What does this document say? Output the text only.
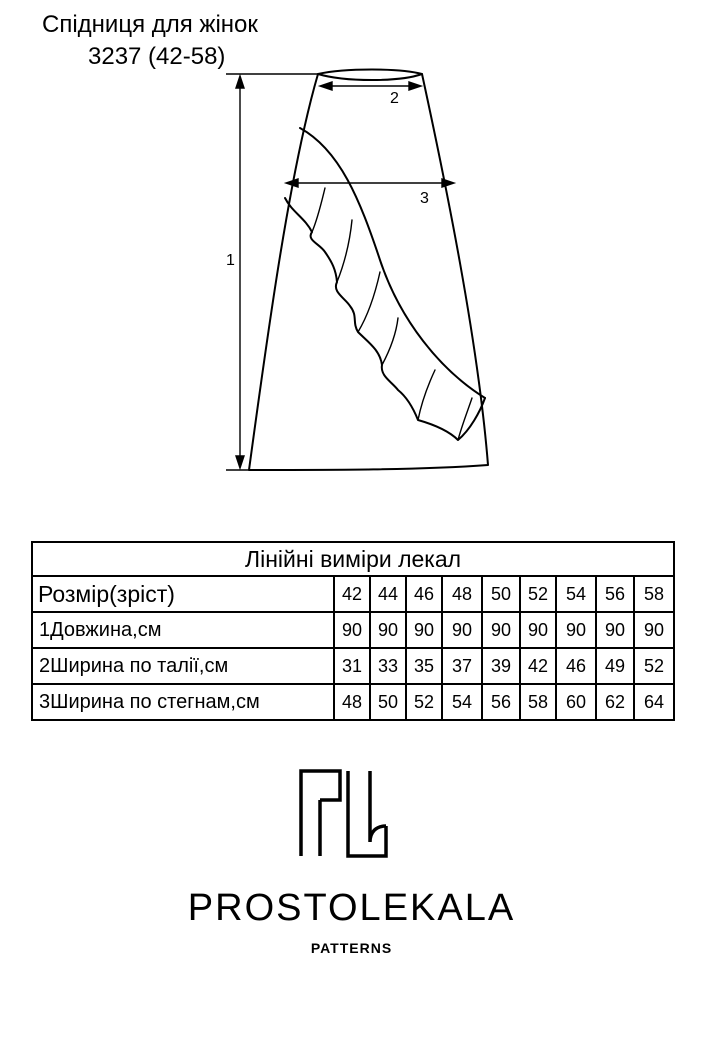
Спідниця для жінок
3237 (42-58)
1
2
3
Лінійні виміри лекал									
Розмір(зріст)	42	44	46	48	50	52	54	56	58
1Довжина,см	90	90	90	90	90	90	90	90	90
2Ширина по талії,см	31	33	35	37	39	42	46	49	52
3Ширина по стегнам,см	48	50	52	54	56	58	60	62	64
PROSTOLEKALA
PATTERNS
